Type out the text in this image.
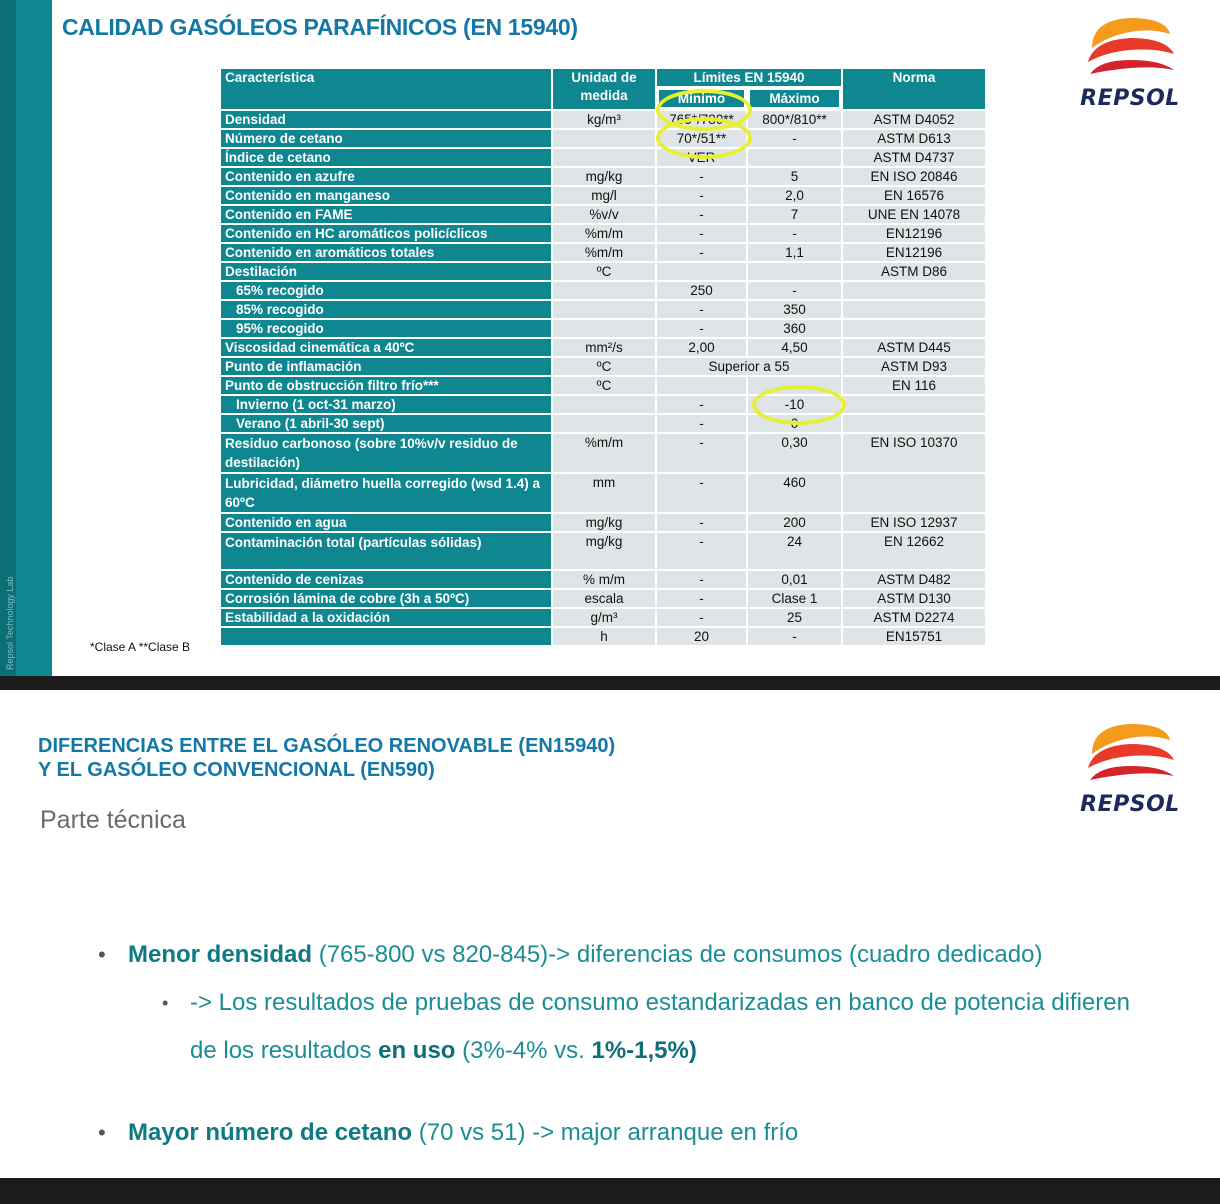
Repsol Technology Lab
CALIDAD GASÓLEOS PARAFÍNICOS (EN 15940)
REPSOL
Característica	Unidad de medida	Límites EN 15940		Norma
		Mínimo	Máximo	
Densidad	kg/m³	765*/780**	800*/810**	ASTM D4052
Número de cetano		70*/51**	-	ASTM D613
Índice de cetano		VER		ASTM D4737
Contenido en azufre	mg/kg	-	5	EN ISO 20846
Contenido en manganeso	mg/l	-	2,0	EN 16576
Contenido en FAME	%v/v	-	7	UNE EN 14078
Contenido en HC aromáticos policíclicos	%m/m	-	-	EN12196
Contenido en aromáticos totales	%m/m	-	1,1	EN12196
Destilación	ºC			ASTM D86
65% recogido		250	-	
85% recogido		-	350	
95% recogido		-	360	
Viscosidad cinemática a 40ºC	mm²/s	2,00	4,50	ASTM D445
Punto de inflamación	ºC	Superior a 55		ASTM D93
Punto de obstrucción filtro frío***	ºC			EN 116
Invierno (1 oct-31 marzo)		-	-10	
Verano (1 abril-30 sept)		-	0	
Residuo carbonoso (sobre 10%v/v residuo de destilación)	%m/m	-	0,30	EN ISO 10370
Lubricidad, diámetro huella corregido (wsd 1.4) a 60ºC	mm	-	460	
Contenido en agua	mg/kg	-	200	EN ISO 12937
Contaminación total (partículas sólidas)	mg/kg	-	24	EN 12662
Contenido de cenizas	% m/m	-	0,01	ASTM D482
Corrosión lámina de cobre (3h a 50ºC)	escala	-	Clase 1	ASTM D130
Estabilidad a la oxidación	g/m³	-	25	ASTM D2274
	h	20	-	EN15751
*Clase A **Clase B
DIFERENCIAS ENTRE EL GASÓLEO RENOVABLE (EN15940)
Y EL GASÓLEO CONVENCIONAL (EN590)
Parte técnica
REPSOL
• Menor densidad (765-800 vs 820-845)-> diferencias de consumos (cuadro dedicado)
• -> Los resultados de pruebas de consumo estandarizadas en banco de potencia difieren de los resultados en uso (3%-4% vs. 1%-1,5%)
• Mayor número de cetano (70 vs 51) -> major arranque en frío
